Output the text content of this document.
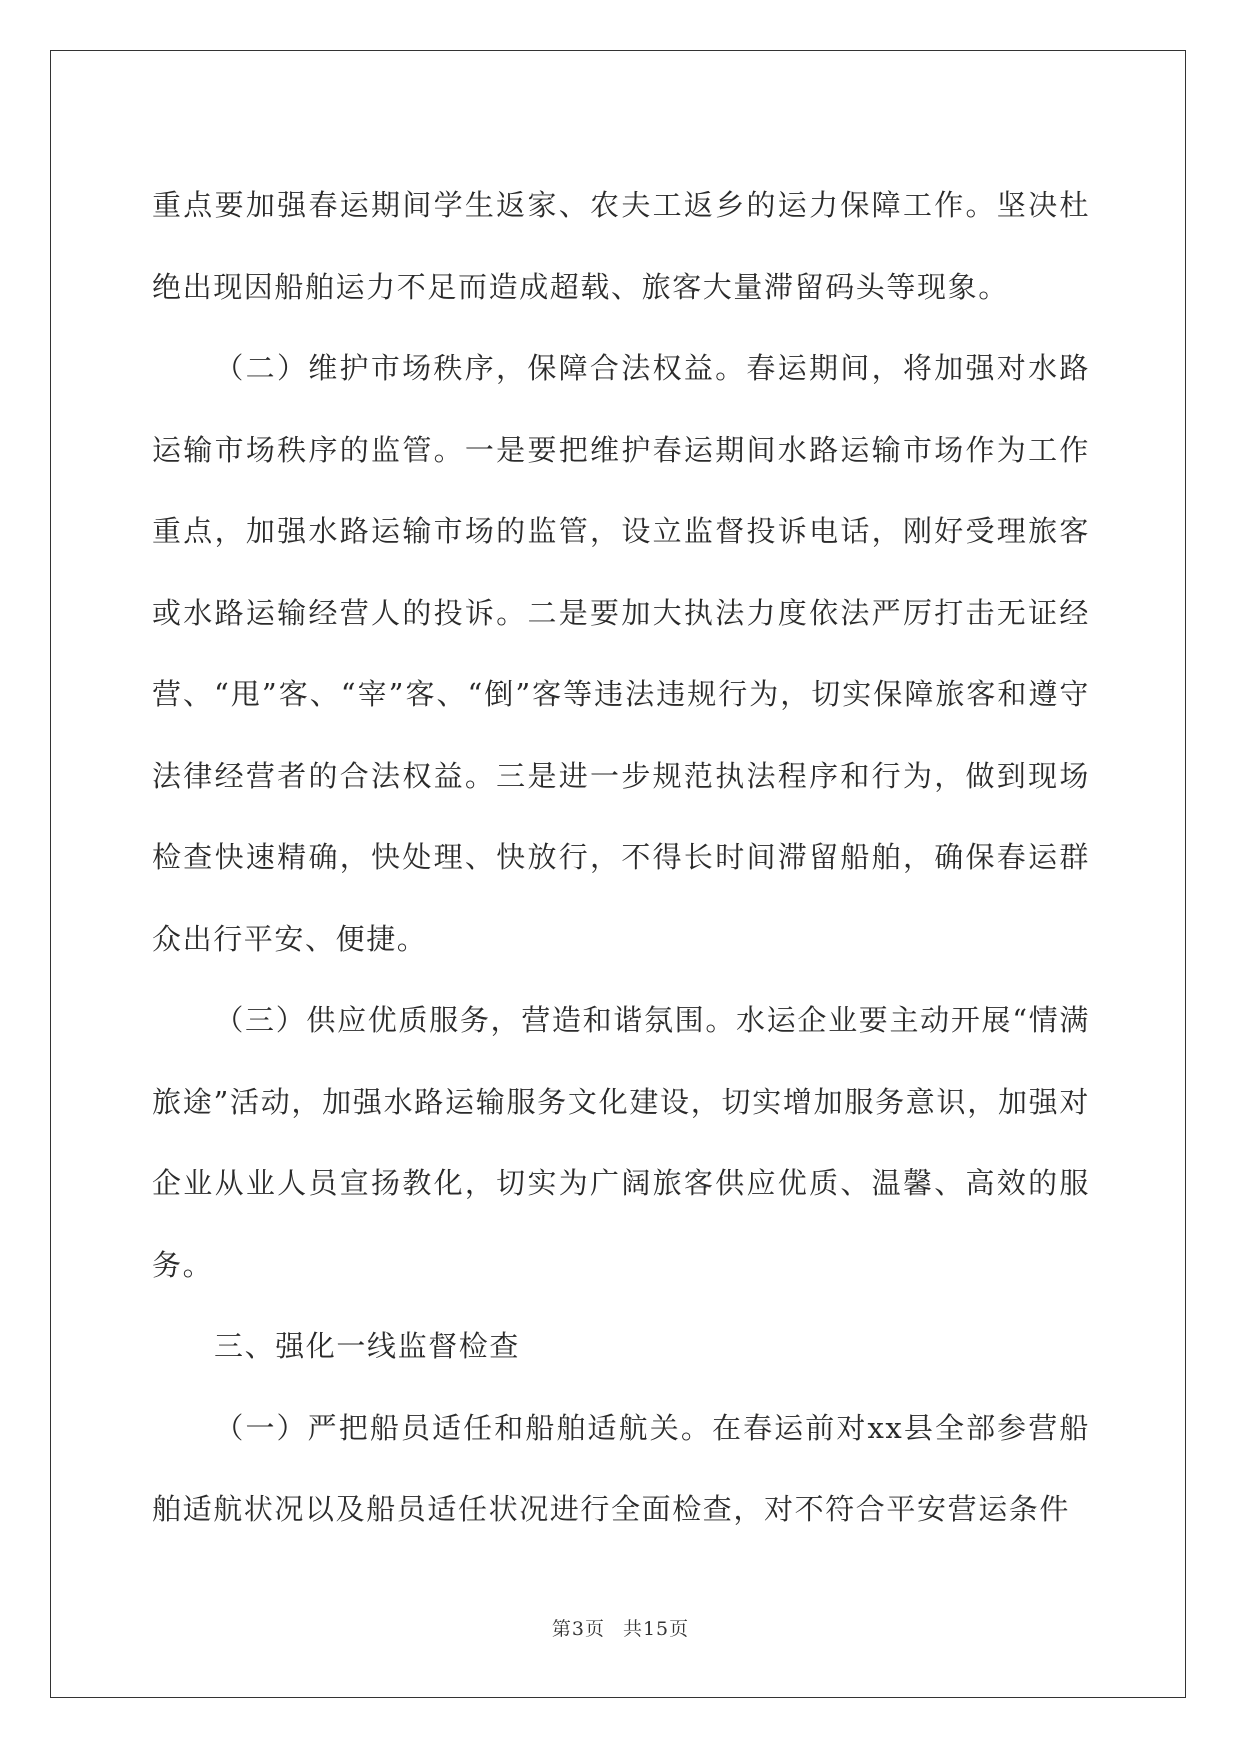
重点要加强春运期间学生返家、农夫工返乡的运力保障工作。坚决杜绝出现因船舶运力不足而造成超载、旅客大量滞留码头等现象。

（二）维护市场秩序，保障合法权益。春运期间，将加强对水路运输市场秩序的监管。一是要把维护春运期间水路运输市场作为工作重点，加强水路运输市场的监管，设立监督投诉电话，刚好受理旅客或水路运输经营人的投诉。二是要加大执法力度依法严厉打击无证经营、“甩”客、“宰”客、“倒”客等违法违规行为，切实保障旅客和遵守法律经营者的合法权益。三是进一步规范执法程序和行为，做到现场检查快速精确，快处理、快放行，不得长时间滞留船舶，确保春运群众出行平安、便捷。

（三）供应优质服务，营造和谐氛围。水运企业要主动开展“情满旅途”活动，加强水路运输服务文化建设，切实增加服务意识，加强对企业从业人员宣扬教化，切实为广阔旅客供应优质、温馨、高效的服务。

三、强化一线监督检查

（一）严把船员适任和船舶适航关。在春运前对xx县全部参营船舶适航状况以及船员适任状况进行全面检查，对不符合平安营运条件

第3页 共15页
